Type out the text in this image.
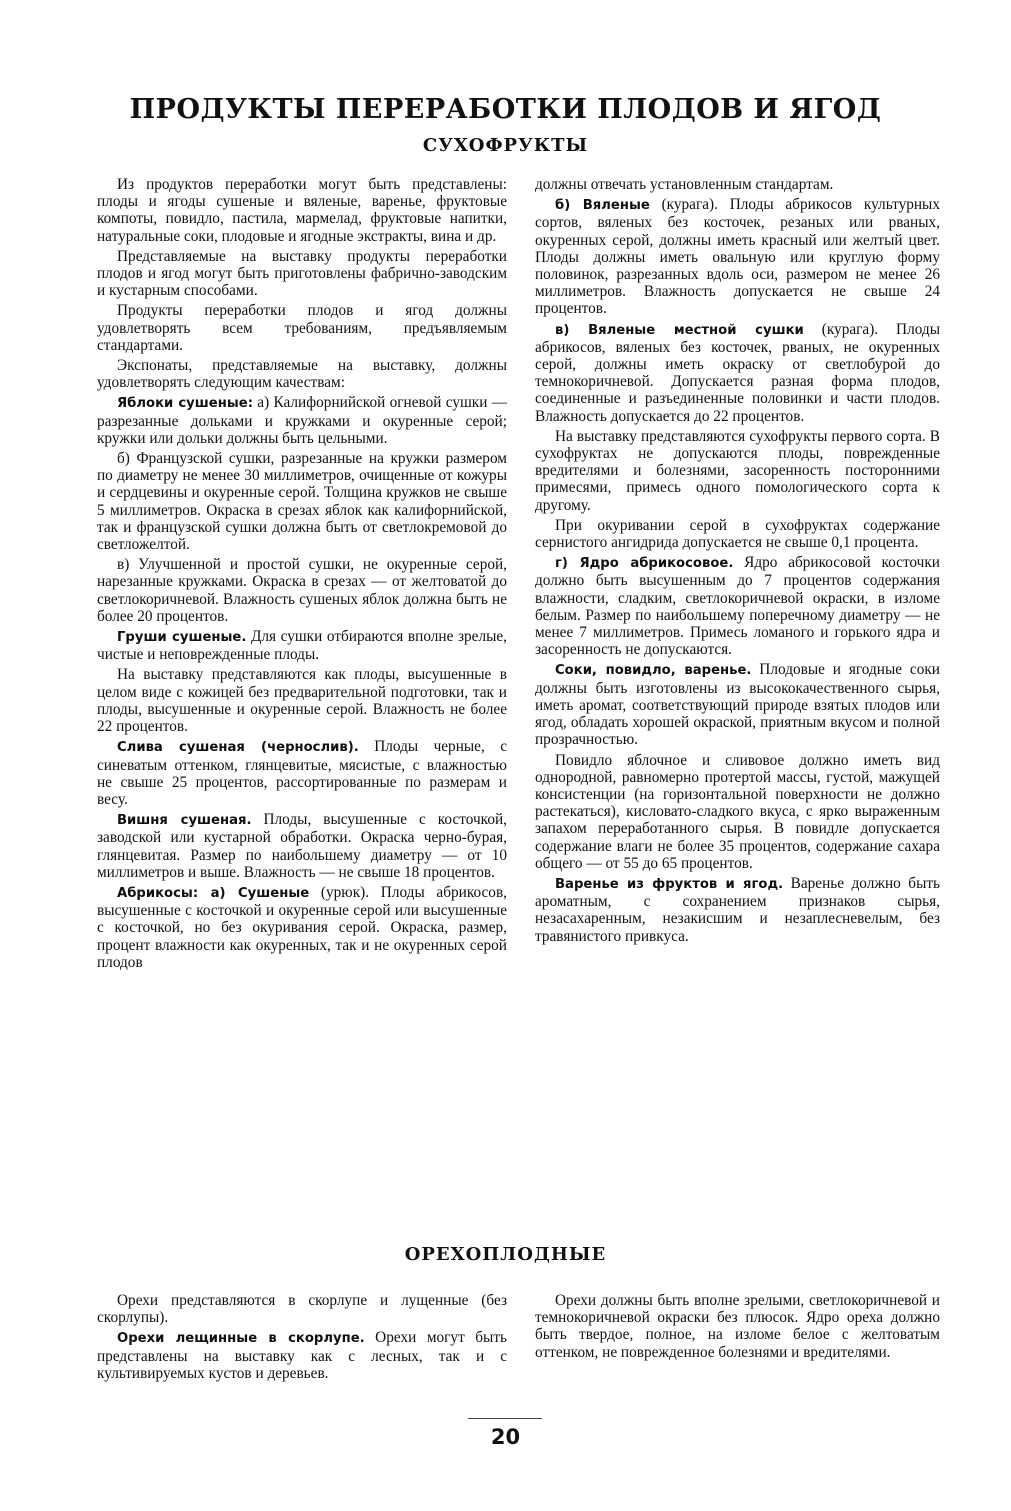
ПРОДУКТЫ ПЕРЕРАБОТКИ ПЛОДОВ И ЯГОД
СУХОФРУКТЫ

Из продуктов переработки могут быть представлены: плоды и ягоды сушеные и вяленые, варенье, фруктовые компоты, повидло, пастила, мармелад, фруктовые напитки, натуральные соки, плодовые и ягодные экстракты, вина и др.

Представляемые на выставку продукты переработки плодов и ягод могут быть приготовлены фабрично-заводским и кустарным способами.

Продукты переработки плодов и ягод должны удовлетворять всем требованиям, предъявляемым стандартами.

Экспонаты, представляемые на выставку, должны удовлетворять следующим качествам:

Яблоки сушеные: а) Калифорнийской огневой сушки — разрезанные дольками и кружками и окуренные серой; кружки или дольки должны быть цельными.

б) Французской сушки, разрезанные на кружки размером по диаметру не менее 30 миллиметров, очищенные от кожуры и сердцевины и окуренные серой. Толщина кружков не свыше 5 миллиметров. Окраска в срезах яблок как калифорнийской, так и французской сушки должна быть от светлокремовой до светложелтой.

в) Улучшенной и простой сушки, не окуренные серой, нарезанные кружками. Окраска в срезах — от желтоватой до светлокоричневой. Влажность сушеных яблок должна быть не более 20 процентов.

Груши сушеные. Для сушки отбираются вполне зрелые, чистые и неповрежденные плоды.

На выставку представляются как плоды, высушенные в целом виде с кожицей без предварительной подготовки, так и плоды, высушенные и окуренные серой. Влажность не более 22 процентов.

Слива сушеная (чернослив). Плоды черные, с синеватым оттенком, глянцевитые, мясистые, с влажностью не свыше 25 процентов, рассортированные по размерам и весу.

Вишня сушеная. Плоды, высушенные с косточкой, заводской или кустарной обработки. Окраска черно-бурая, глянцевитая. Размер по наибольшему диаметру — от 10 миллиметров и выше. Влажность — не свыше 18 процентов.

Абрикосы: а) Сушеные (урюк). Плоды абрикосов, высушенные с косточкой и окуренные серой или высушенные с косточкой, но без окуривания серой. Окраска, размер, процент влажности как окуренных, так и не окуренных серой плодов

должны отвечать установленным стандартам.

б) Вяленые (курага). Плоды абрикосов культурных сортов, вяленых без косточек, резаных или рваных, окуренных серой, должны иметь красный или желтый цвет. Плоды должны иметь овальную или круглую форму половинок, разрезанных вдоль оси, размером не менее 26 миллиметров. Влажность допускается не свыше 24 процентов.

в) Вяленые местной сушки (курага). Плоды абрикосов, вяленых без косточек, рваных, не окуренных серой, должны иметь окраску от светлобурой до темнокоричневой. Допускается разная форма плодов, соединенные и разъединенные половинки и части плодов. Влажность допускается до 22 процентов.

На выставку представляются сухофрукты первого сорта. В сухофруктах не допускаются плоды, поврежденные вредителями и болезнями, засоренность посторонними примесями, примесь одного помологического сорта к другому.

При окуривании серой в сухофруктах содержание сернистого ангидрида допускается не свыше 0,1 процента.

г) Ядро абрикосовое. Ядро абрикосовой косточки должно быть высушенным до 7 процентов содержания влажности, сладким, светлокоричневой окраски, в изломе белым. Размер по наибольшему поперечному диаметру — не менее 7 миллиметров. Примесь ломаного и горького ядра и засоренность не допускаются.

Соки, повидло, варенье. Плодовые и ягодные соки должны быть изготовлены из высококачественного сырья, иметь аромат, соответствующий природе взятых плодов или ягод, обладать хорошей окраской, приятным вкусом и полной прозрачностью.

Повидло яблочное и сливовое должно иметь вид однородной, равномерно протертой массы, густой, мажущей консистенции (на горизонтальной поверхности не должно растекаться), кисловато-сладкого вкуса, с ярко выраженным запахом переработанного сырья. В повидле допускается содержание влаги не более 35 процентов, содержание сахара общего — от 55 до 65 процентов.

Варенье из фруктов и ягод. Варенье должно быть ароматным, с сохранением признаков сырья, незасахаренным, незакисшим и незаплесневелым, без травянистого привкуса.

ОРЕХОПЛОДНЫЕ

Орехи представляются в скорлупе и лущенные (без скорлупы).

Орехи лещинные в скорлупе. Орехи могут быть представлены на выставку как с лесных, так и с культивируемых кустов и деревьев.

Орехи должны быть вполне зрелыми, светлокоричневой и темнокоричневой окраски без плюсок. Ядро ореха должно быть твердое, полное, на изломе белое с желтоватым оттенком, не поврежденное болезнями и вредителями.

20
